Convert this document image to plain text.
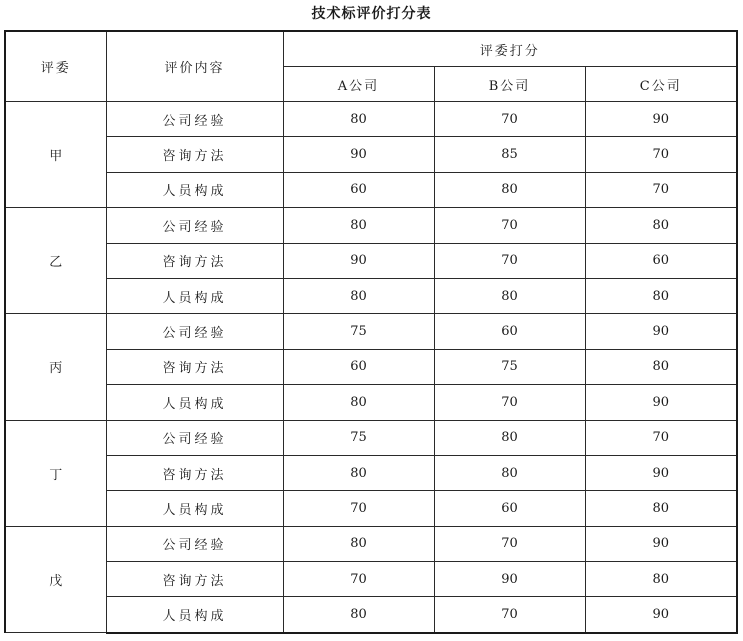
技术标评价打分表
评委	评价内容	评委打分		
		A公司	B公司	C公司
甲	公司经验	80	70	90
	咨询方法	90	85	70
	人员构成	60	80	70
乙	公司经验	80	70	80
	咨询方法	90	70	60
	人员构成	80	80	80
丙	公司经验	75	60	90
	咨询方法	60	75	80
	人员构成	80	70	90
丁	公司经验	75	80	70
	咨询方法	80	80	90
	人员构成	70	60	80
戊	公司经验	80	70	90
	咨询方法	70	90	80
	人员构成	80	70	90
